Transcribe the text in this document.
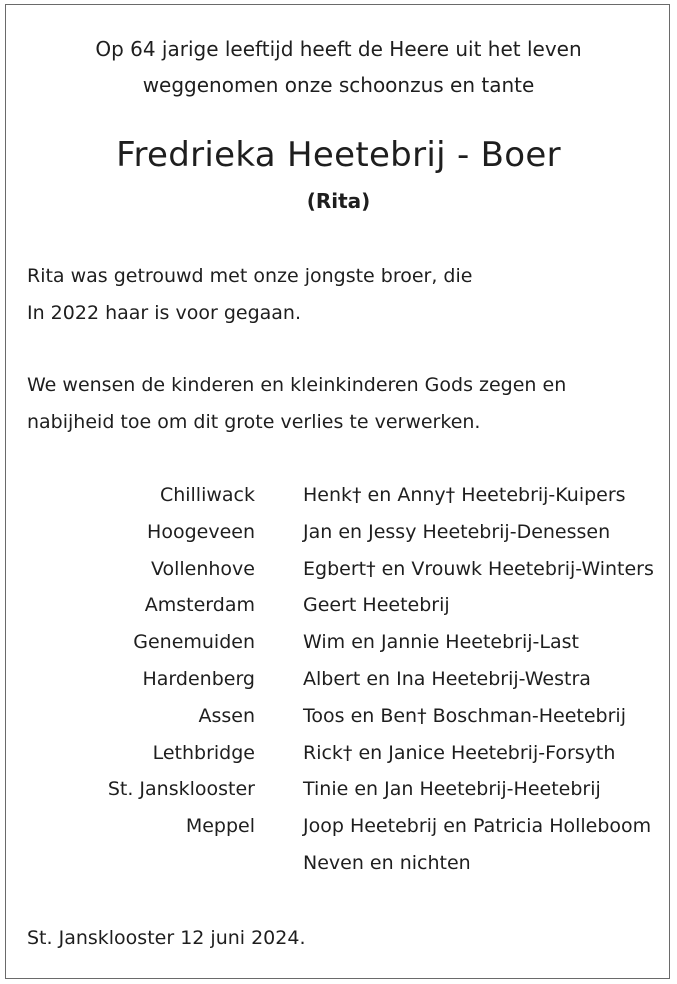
Op 64 jarige leeftijd heeft de Heere uit het leven
weggenomen onze schoonzus en tante
Fredrieka Heetebrij - Boer
(Rita)
Rita was getrouwd met onze jongste broer, die
In 2022 haar is voor gegaan.
We wensen de kinderen en kleinkinderen Gods zegen en
nabijheid toe om dit grote verlies te verwerken.
Chilliwack	Henk† en Anny† Heetebrij-Kuipers
Hoogeveen	Jan en Jessy Heetebrij-Denessen
Vollenhove	Egbert† en Vrouwk Heetebrij-Winters
Amsterdam	Geert Heetebrij
Genemuiden	Wim en Jannie Heetebrij-Last
Hardenberg	Albert en Ina Heetebrij-Westra
Assen	Toos en Ben† Boschman-Heetebrij
Lethbridge	Rick† en Janice Heetebrij-Forsyth
St. Jansklooster	Tinie en Jan Heetebrij-Heetebrij
Meppel	Joop Heetebrij en Patricia Holleboom
Neven en nichten
St. Jansklooster 12 juni 2024.
